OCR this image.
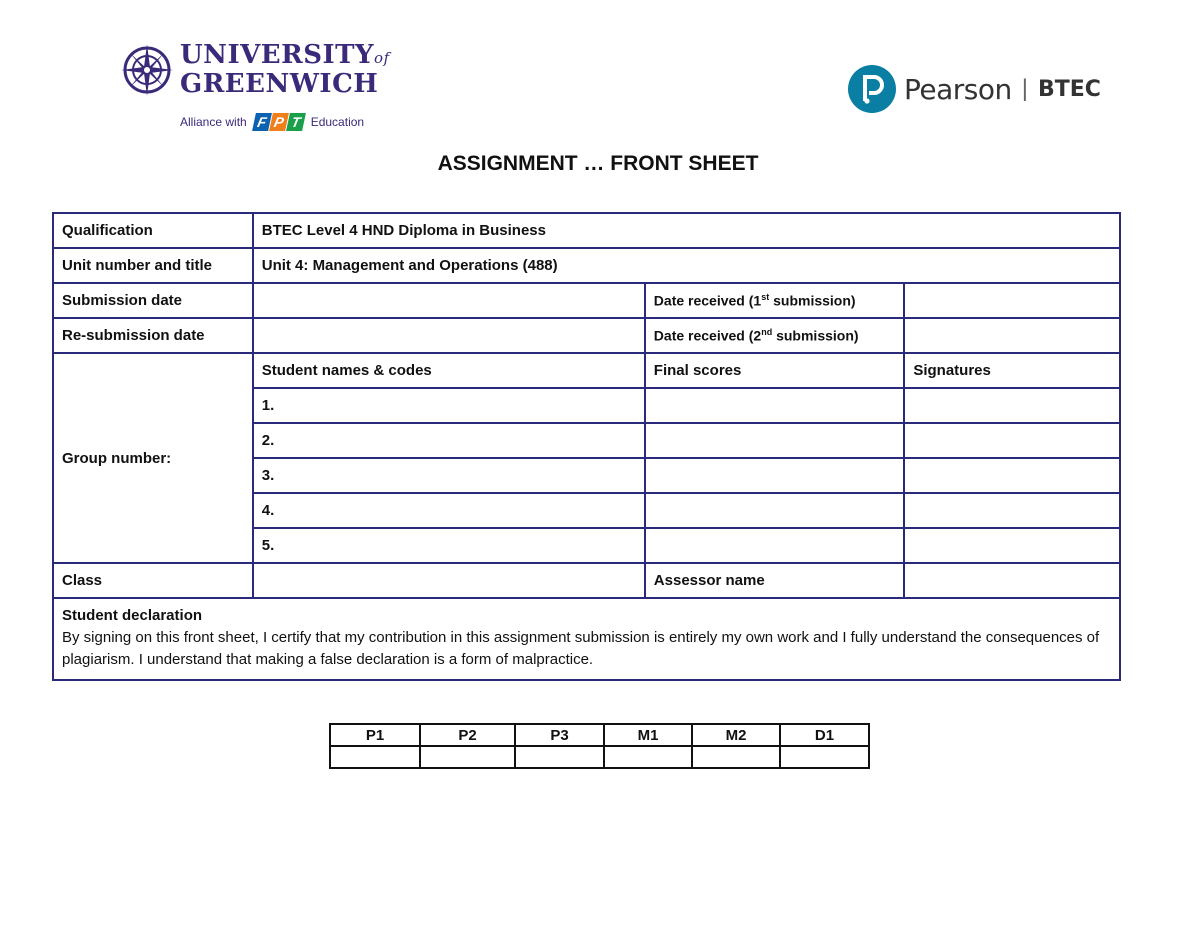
UNIVERSITYof
GREENWICH
Alliance with F P T Education
Pearson | BTEC
ASSIGNMENT … FRONT SHEET
Qualification	BTEC Level 4 HND Diploma in Business		
Unit number and title	Unit 4: Management and Operations (488)		
Submission date		Date received (1st submission)	
Re-submission date		Date received (2nd submission)	
Group number:	Student names & codes	Final scores	Signatures
	1.		
	2.		
	3.		
	4.		
	5.		
Class		Assessor name	

Student declaration
By signing on this front sheet, I certify that my contribution in this assignment submission is entirely my own work and I fully understand the consequences of plagiarism. I understand that making a false declaration is a form of malpractice.			
P1	P2	P3	M1	M2	D1
